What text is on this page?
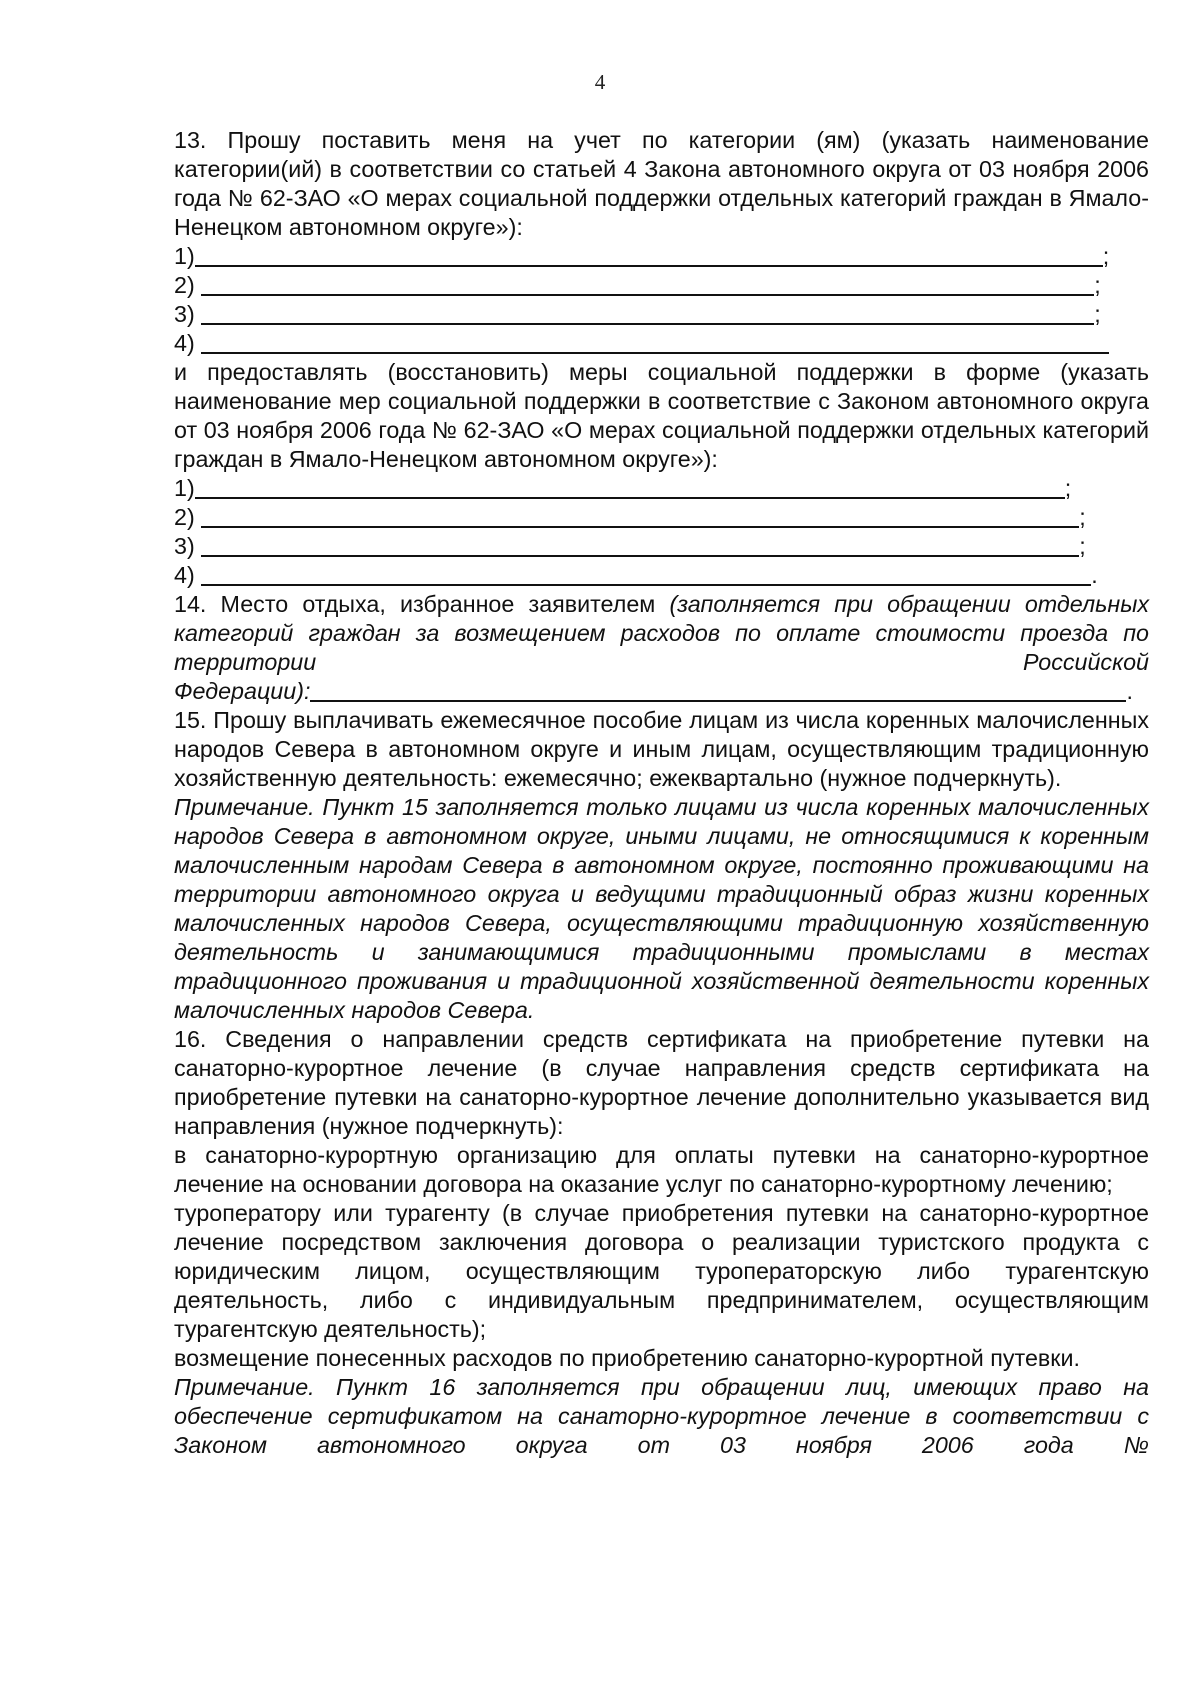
4

13. Прошу поставить меня на учет по категории (ям) (указать наименование категории(ий) в соответствии со статьей 4 Закона автономного округа от 03 ноября 2006 года № 62-ЗАО «О мерах социальной поддержки отдельных категорий граждан в Ямало-Ненецком автономном округе»):

1)	;
2)	;
3)	;
4)

и предоставлять (восстановить) меры социальной поддержки в форме (указать наименование мер социальной поддержки в соответствие с Законом автономного округа от 03 ноября 2006 года № 62-ЗАО «О мерах социальной поддержки отдельных категорий граждан в Ямало-Ненецком автономном округе»):

1)	;
2)	;
3)	;
4)	.

14. Место отдыха, избранное заявителем (заполняется при обращении отдельных категорий граждан за возмещением расходов по оплате стоимости проезда по территории Российской

Федерации):	.

15. Прошу выплачивать ежемесячное пособие лицам из числа коренных малочисленных народов Севера в автономном округе и иным лицам, осуществляющим традиционную хозяйственную деятельность: ежемесячно; ежеквартально (нужное подчеркнуть).

Примечание. Пункт 15 заполняется только лицами из числа коренных малочисленных народов Севера в автономном округе, иными лицами, не относящимися к коренным малочисленным народам Севера в автономном округе, постоянно проживающими на территории автономного округа и ведущими традиционный образ жизни коренных малочисленных народов Севера, осуществляющими традиционную хозяйственную деятельность и занимающимися традиционными промыслами в местах традиционного проживания и традиционной хозяйственной деятельности коренных малочисленных народов Севера.

16. Сведения о направлении средств сертификата на приобретение путевки на санаторно-курортное лечение (в случае направления средств сертификата на приобретение путевки на санаторно-курортное лечение дополнительно указывается вид направления (нужное подчеркнуть):

в санаторно-курортную организацию для оплаты путевки на санаторно-курортное лечение на основании договора на оказание услуг по санаторно-курортному лечению;

туроператору или турагенту (в случае приобретения путевки на санаторно-курортное лечение посредством заключения договора о реализации туристского продукта с юридическим лицом, осуществляющим туроператорскую либо турагентскую деятельность, либо с индивидуальным предпринимателем, осуществляющим турагентскую деятельность);

возмещение понесенных расходов по приобретению санаторно-курортной путевки.

Примечание. Пункт 16 заполняется при обращении лиц, имеющих право на обеспечение сертификатом на санаторно-курортное лечение в соответствии с Законом автономного округа от 03 ноября 2006 года №
